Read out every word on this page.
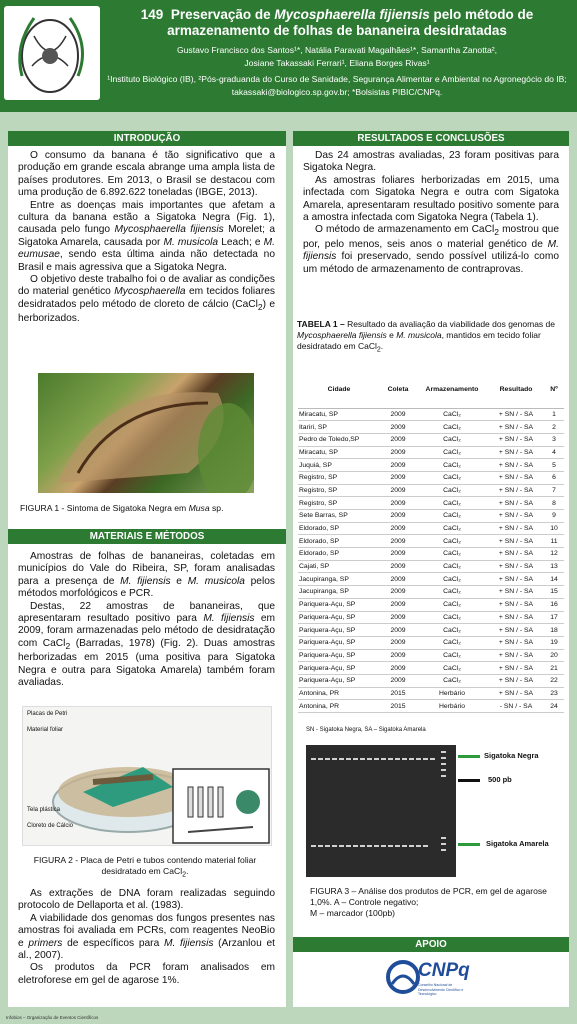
149 Preservação de Mycosphaerella fijiensis pelo método de armazenamento de folhas de bananeira desidratadas
Gustavo Francisco dos Santos¹*, Natália Paravati Magalhães¹*, Samantha Zanotta²,
Josiane Takassaki Ferrari¹, Eliana Borges Rivas¹
¹Instituto Biológico (IB), ²Pós-graduanda do Curso de Sanidade, Segurança Alimentar e Ambiental no Agronegócio do IB; takassaki@biologico.sp.gov.br; *Bolsistas PIBIC/CNPq.
INTRODUÇÃO

O consumo da banana é tão significativo que a produção em grande escala abrange uma ampla lista de países produtores. Em 2013, o Brasil se destacou com uma produção de 6.892.622 toneladas (IBGE, 2013).

Entre as doenças mais importantes que afetam a cultura da banana estão a Sigatoka Negra (Fig. 1), causada pelo fungo Mycosphaerella fijiensis Morelet; a Sigatoka Amarela, causada por M. musicola Leach; e M. eumusae, sendo esta última ainda não detectada no Brasil e mais agressiva que a Sigatoka Negra.

O objetivo deste trabalho foi o de avaliar as condições do material genético Mycosphaerella em tecidos foliares desidratados pelo método de cloreto de cálcio (CaCl$_2$) e herborizados.

FIGURA 1 - Sintoma de Sigatoka Negra em Musa sp.
MATERIAIS E MÉTODOS

Amostras de folhas de bananeiras, coletadas em municípios do Vale do Ribeira, SP, foram analisadas para a presença de M. fijiensis e M. musicola pelos métodos morfológicos e PCR.

Destas, 22 amostras de bananeiras, que apresentaram resultado positivo para M. fijiensis em 2009, foram armazenadas pelo método de desidratação com CaCl$_2$ (Barradas, 1978) (Fig. 2). Duas amostras herborizadas em 2015 (uma positiva para Sigatoka Negra e outra para Sigatoka Amarela) também foram avaliadas.

Placas de Petri
Material foliar
Tela plástica
Cloreto de Cálcio
FIGURA 2 - Placa de Petri e tubos contendo material foliar desidratado em CaCl$_2$.

As extrações de DNA foram realizadas seguindo protocolo de Dellaporta et al. (1983).

A viabilidade dos genomas dos fungos presentes nas amostras foi avaliada em PCRs, com reagentes NeoBio e primers de específicos para M. fijiensis (Arzanlou et al., 2007).

Os produtos da PCR foram analisados em eletroforese em gel de agarose 1%.

RESULTADOS E CONCLUSÕES

Das 24 amostras avaliadas, 23 foram positivas para Sigatoka Negra.

As amostras foliares herborizadas em 2015, uma infectada com Sigatoka Negra e outra com Sigatoka Amarela, apresentaram resultado positivo somente para a amostra infectada com Sigatoka Negra (Tabela 1).

O método de armazenamento em CaCl$_2$ mostrou que por, pelo menos, seis anos o material genético de M. fijiensis foi preservado, sendo possível utilizá-lo como um método de armazenamento de contraprovas.

TABELA 1 – Resultado da avaliação da viabilidade dos genomas de Mycosphaerella fijiensis e M. musicola, mantidos em tecido foliar desidratado em CaCl$_2$.
Cidade	Coleta	Armazenamento	Resultado	Nº
Miracatu, SP	2009	CaCl₂	+ SN / - SA	1
Itariri, SP	2009	CaCl₂	+ SN / - SA	2
Pedro de Toledo,SP	2009	CaCl₂	+ SN / - SA	3
Miracatu, SP	2009	CaCl₂	+ SN / - SA	4
Juquiá, SP	2009	CaCl₂	+ SN / - SA	5
Registro, SP	2009	CaCl₂	+ SN / - SA	6
Registro, SP	2009	CaCl₂	+ SN / - SA	7
Registro, SP	2009	CaCl₂	+ SN / - SA	8
Sete Barras, SP	2009	CaCl₂	+ SN / - SA	9
Eldorado, SP	2009	CaCl₂	+ SN / - SA	10
Eldorado, SP	2009	CaCl₂	+ SN / - SA	11
Eldorado, SP	2009	CaCl₂	+ SN / - SA	12
Cajati, SP	2009	CaCl₂	+ SN / - SA	13
Jacupiranga, SP	2009	CaCl₂	+ SN / - SA	14
Jacupiranga, SP	2009	CaCl₂	+ SN / - SA	15
Pariquera-Açu, SP	2009	CaCl₂	+ SN / - SA	16
Pariquera-Açu, SP	2009	CaCl₂	+ SN / - SA	17
Pariquera-Açu, SP	2009	CaCl₂	+ SN / - SA	18
Pariquera-Açu, SP	2009	CaCl₂	+ SN / - SA	19
Pariquera-Açu, SP	2009	CaCl₂	+ SN / - SA	20
Pariquera-Açu, SP	2009	CaCl₂	+ SN / - SA	21
Pariquera-Açu, SP	2009	CaCl₂	+ SN / - SA	22
Antonina, PR	2015	Herbário	+ SN / - SA	23
Antonina, PR	2015	Herbário	- SN / - SA	24
SN - Sigatoka Negra, SA – Sigatoka Amarela
Sigatoka Negra
500 pb
Sigatoka Amarela
FIGURA 3 – Análise dos produtos de PCR, em gel de agarose 1,0%. A – Controle negativo;
M – marcador (100pb)
APOIO
CNPq
Conselho Nacional de Desenvolvimento Científico e Tecnológico
Infobios – Organização de Eventos Científicos
